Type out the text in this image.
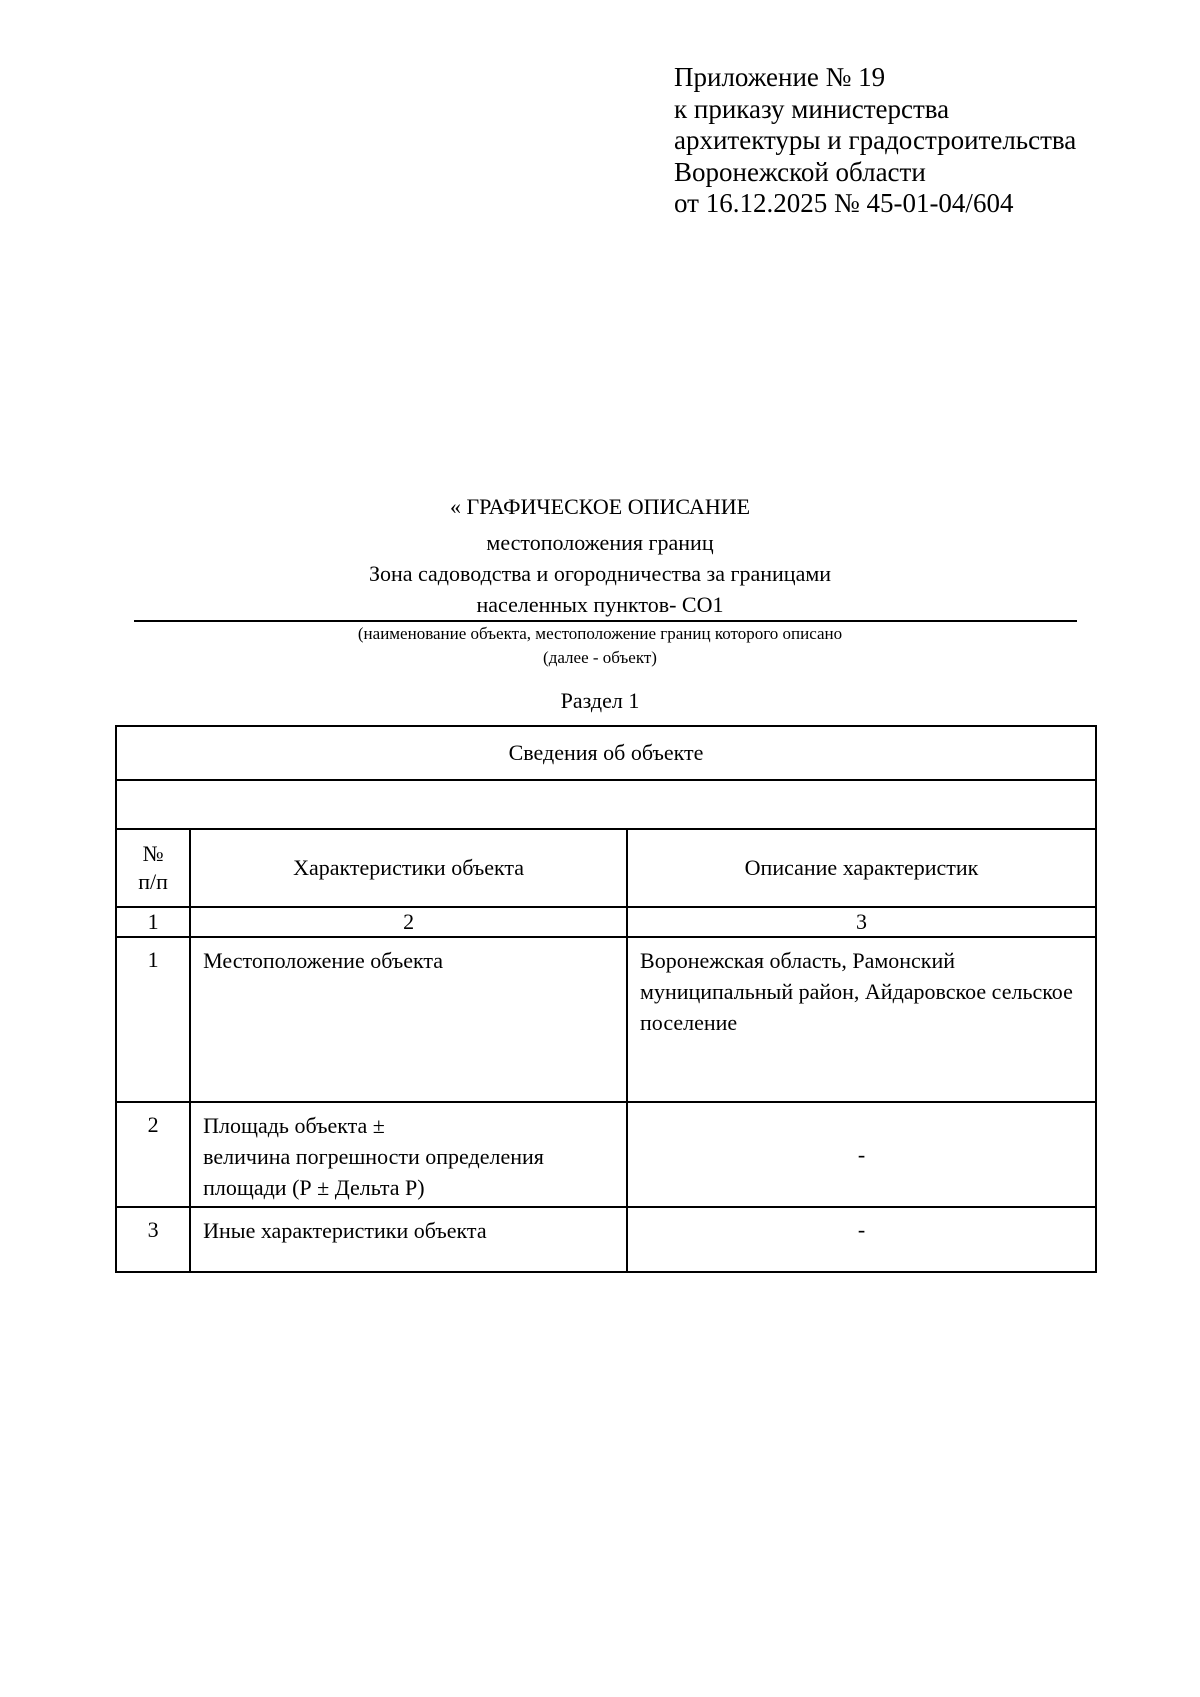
Приложение № 19
к приказу министерства
архитектуры и градостроительства
Воронежской области
от 16.12.2025 № 45-01-04/604
« ГРАФИЧЕСКОЕ ОПИСАНИЕ
местоположения границ
Зона садоводства и огородничества за границами
населенных пунктов- СО1
(наименование объекта, местоположение границ которого описано
(далее - объект)
Раздел 1
Сведения об объекте		

№
п/п	Характеристики объекта	Описание характеристик
1	2	3
1	Местоположение объекта	Воронежская область, Рамонский муниципальный район, Айдаровское сельское поселение
2	Площадь объекта ±
величина погрешности определения
площади (Р ± Дельта Р)	-
3	Иные характеристики объекта	-
